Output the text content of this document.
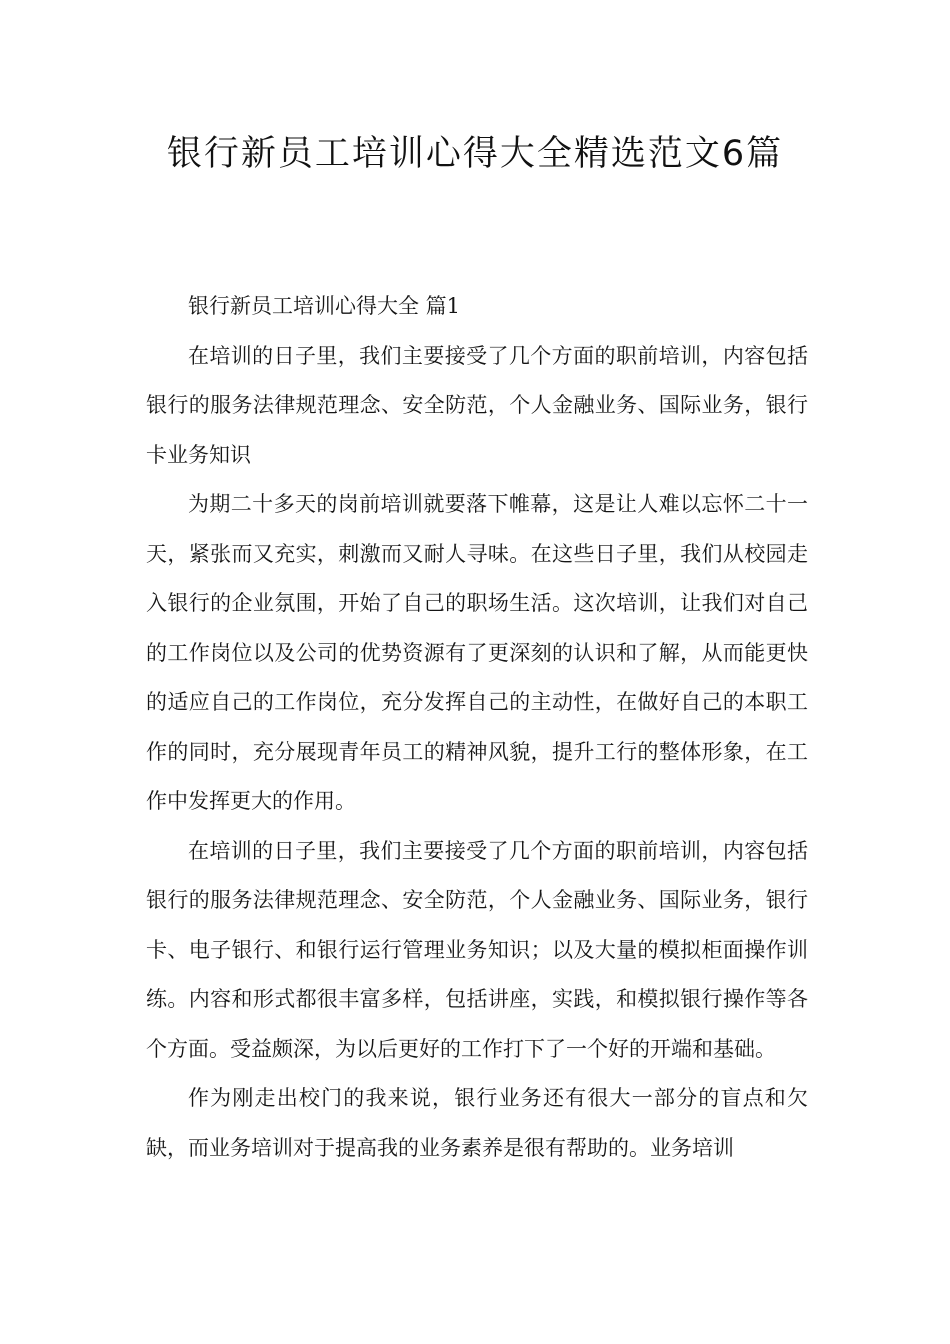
银行新员工培训心得大全精选范文6篇

银行新员工培训心得大全 篇1

在培训的日子里，我们主要接受了几个方面的职前培训，内容包括银行的服务法律规范理念、安全防范，个人金融业务、国际业务，银行卡业务知识

为期二十多天的岗前培训就要落下帷幕，这是让人难以忘怀二十一天，紧张而又充实，刺激而又耐人寻味。在这些日子里，我们从校园走入银行的企业氛围，开始了自己的职场生活。这次培训，让我们对自己的工作岗位以及公司的优势资源有了更深刻的认识和了解，从而能更快的适应自己的工作岗位，充分发挥自己的主动性，在做好自己的本职工作的同时，充分展现青年员工的精神风貌，提升工行的整体形象，在工作中发挥更大的作用。

在培训的日子里，我们主要接受了几个方面的职前培训，内容包括银行的服务法律规范理念、安全防范，个人金融业务、国际业务，银行卡、电子银行、和银行运行管理业务知识；以及大量的模拟柜面操作训练。内容和形式都很丰富多样，包括讲座，实践，和模拟银行操作等各个方面。受益颇深，为以后更好的工作打下了一个好的开端和基础。

作为刚走出校门的我来说，银行业务还有很大一部分的盲点和欠缺，而业务培训对于提高我的业务素养是很有帮助的。业务培训
